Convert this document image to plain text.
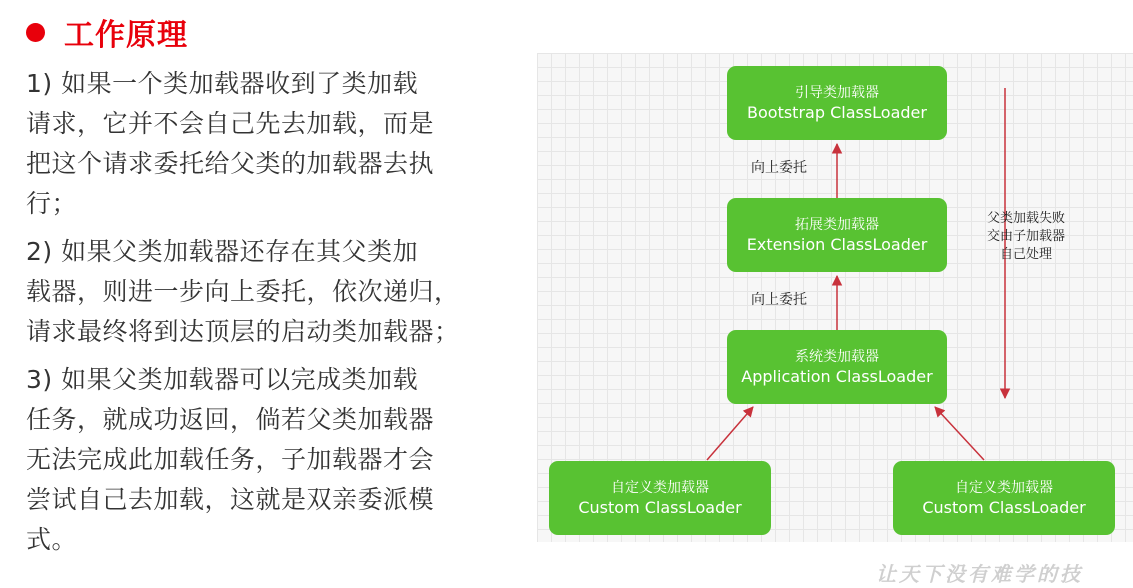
工作原理
1) 如果一个类加载器收到了类加载
请求，它并不会自己先去加载，而是
把这个请求委托给父类的加载器去执
行；
2) 如果父类加载器还存在其父类加
载器，则进一步向上委托，依次递归，
请求最终将到达顶层的启动类加载器；
3) 如果父类加载器可以完成类加载
任务，就成功返回，倘若父类加载器
无法完成此加载任务，子加载器才会
尝试自己去加载，这就是双亲委派模
式。
引导类加载器
Bootstrap ClassLoader
拓展类加载器
Extension ClassLoader
系统类加载器
Application ClassLoader
自定义类加载器
Custom ClassLoader
自定义类加载器
Custom ClassLoader
向上委托
向上委托
父类加载失败
交由子加载器
自己处理
让天下没有难学的技
